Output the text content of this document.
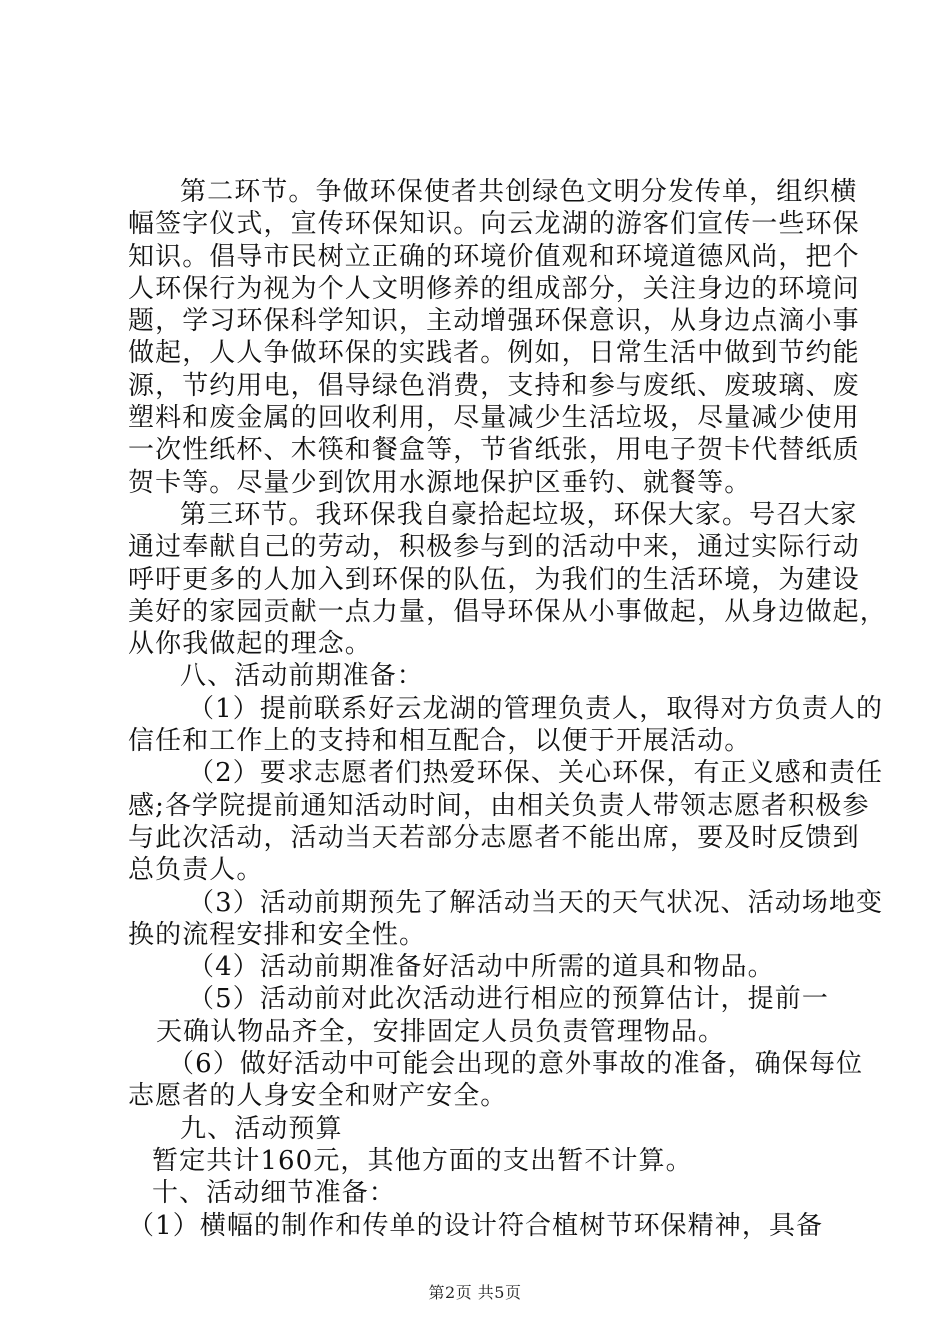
第二环节。争做环保使者共创绿色文明分发传单，组织横
幅签字仪式，宣传环保知识。向云龙湖的游客们宣传一些环保
知识。倡导市民树立正确的环境价值观和环境道德风尚，把个
人环保行为视为个人文明修养的组成部分，关注身边的环境问
题，学习环保科学知识，主动增强环保意识，从身边点滴小事
做起，人人争做环保的实践者。例如，日常生活中做到节约能
源，节约用电，倡导绿色消费，支持和参与废纸、废玻璃、废
塑料和废金属的回收利用，尽量减少生活垃圾，尽量减少使用
一次性纸杯、木筷和餐盒等，节省纸张，用电子贺卡代替纸质
贺卡等。尽量少到饮用水源地保护区垂钓、就餐等。
第三环节。我环保我自豪拾起垃圾，环保大家。号召大家
通过奉献自己的劳动，积极参与到的活动中来，通过实际行动
呼吁更多的人加入到环保的队伍，为我们的生活环境，为建设
美好的家园贡献一点力量，倡导环保从小事做起，从身边做起，
从你我做起的理念。
八、活动前期准备：
（1）提前联系好云龙湖的管理负责人，取得对方负责人的
信任和工作上的支持和相互配合，以便于开展活动。
（2）要求志愿者们热爱环保、关心环保，有正义感和责任
感;各学院提前通知活动时间，由相关负责人带领志愿者积极参
与此次活动，活动当天若部分志愿者不能出席，要及时反馈到
总负责人。
（3）活动前期预先了解活动当天的天气状况、活动场地变
换的流程安排和安全性。
（4）活动前期准备好活动中所需的道具和物品。
（5）活动前对此次活动进行相应的预算估计，提前一
天确认物品齐全，安排固定人员负责管理物品。
（6）做好活动中可能会出现的意外事故的准备，确保每位
志愿者的人身安全和财产安全。
九、活动预算
暂定共计160元，其他方面的支出暂不计算。
十、活动细节准备：
（1）横幅的制作和传单的设计符合植树节环保精神，具备
第2页 共5页
